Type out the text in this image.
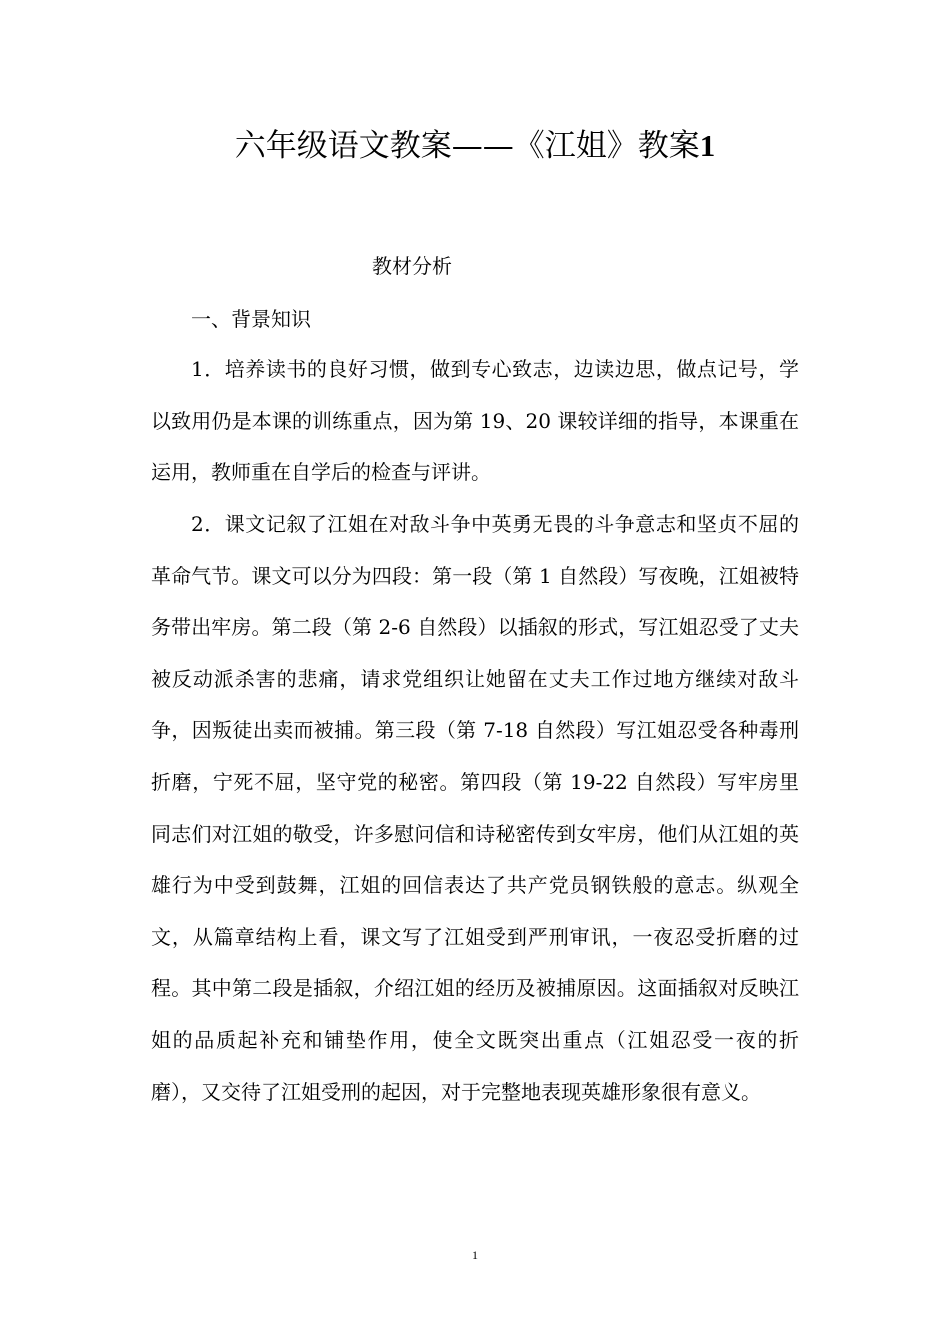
六年级语文教案——《江姐》教案1

教材分析

一、背景知识

1．培养读书的良好习惯，做到专心致志，边读边思，做点记号，学以致用仍是本课的训练重点，因为第 19、20 课较详细的指导，本课重在运用，教师重在自学后的检查与评讲。

2．课文记叙了江姐在对敌斗争中英勇无畏的斗争意志和坚贞不屈的革命气节。课文可以分为四段：第一段（第 1 自然段）写夜晚，江姐被特务带出牢房。第二段（第 2-6 自然段）以插叙的形式，写江姐忍受了丈夫被反动派杀害的悲痛，请求党组织让她留在丈夫工作过地方继续对敌斗争，因叛徒出卖而被捕。第三段（第 7-18 自然段）写江姐忍受各种毒刑折磨，宁死不屈，坚守党的秘密。第四段（第 19-22 自然段）写牢房里同志们对江姐的敬受，许多慰问信和诗秘密传到女牢房，他们从江姐的英雄行为中受到鼓舞，江姐的回信表达了共产党员钢铁般的意志。纵观全文，从篇章结构上看，课文写了江姐受到严刑审讯，一夜忍受折磨的过程。其中第二段是插叙，介绍江姐的经历及被捕原因。这面插叙对反映江姐的品质起补充和铺垫作用，使全文既突出重点（江姐忍受一夜的折磨），又交待了江姐受刑的起因，对于完整地表现英雄形象很有意义。

1
